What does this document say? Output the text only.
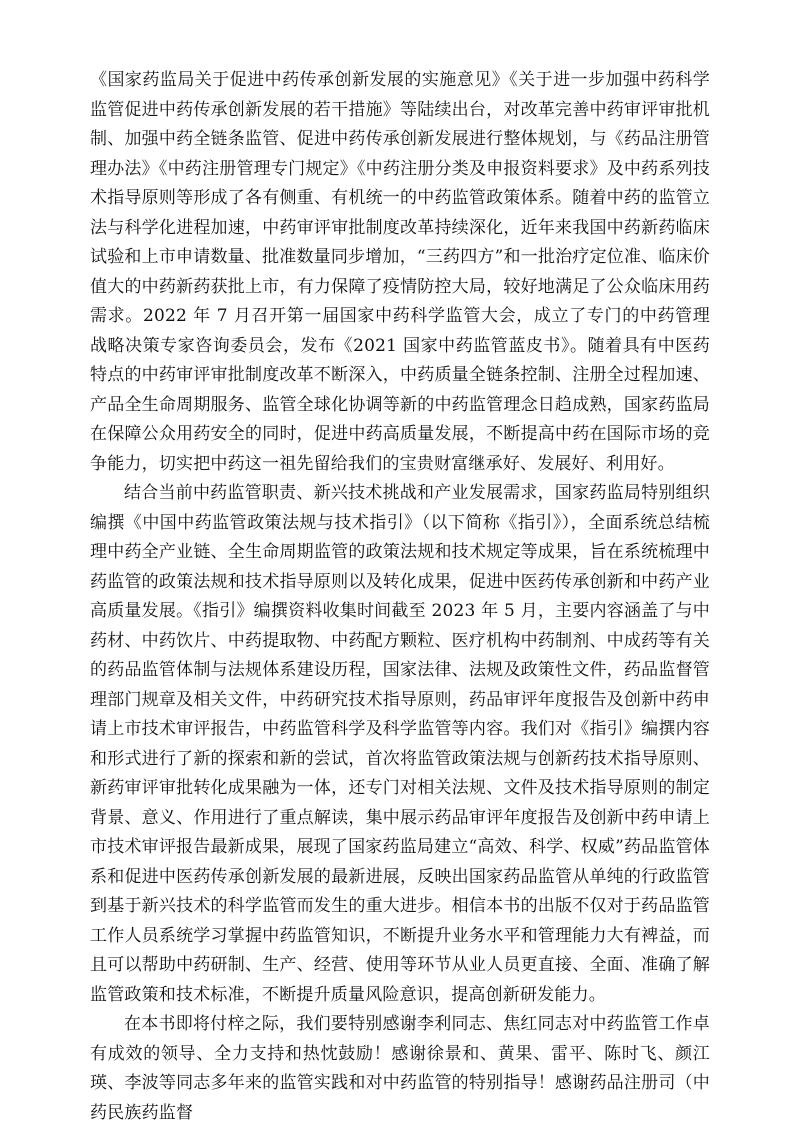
《国家药监局关于促进中药传承创新发展的实施意见》《关于进一步加强中药科学监管促进中药传承创新发展的若干措施》等陆续出台，对改革完善中药审评审批机制、加强中药全链条监管、促进中药传承创新发展进行整体规划，与《药品注册管理办法》《中药注册管理专门规定》《中药注册分类及申报资料要求》及中药系列技术指导原则等形成了各有侧重、有机统一的中药监管政策体系。随着中药的监管立法与科学化进程加速，中药审评审批制度改革持续深化，近年来我国中药新药临床试验和上市申请数量、批准数量同步增加，“三药四方”和一批治疗定位准、临床价值大的中药新药获批上市，有力保障了疫情防控大局，较好地满足了公众临床用药需求。2022 年 7 月召开第一届国家中药科学监管大会，成立了专门的中药管理战略决策专家咨询委员会，发布《2021 国家中药监管蓝皮书》。随着具有中医药特点的中药审评审批制度改革不断深入，中药质量全链条控制、注册全过程加速、产品全生命周期服务、监管全球化协调等新的中药监管理念日趋成熟，国家药监局在保障公众用药安全的同时，促进中药高质量发展，不断提高中药在国际市场的竞争能力，切实把中药这一祖先留给我们的宝贵财富继承好、发展好、利用好。

结合当前中药监管职责、新兴技术挑战和产业发展需求，国家药监局特别组织编撰《中国中药监管政策法规与技术指引》（以下简称《指引》），全面系统总结梳理中药全产业链、全生命周期监管的政策法规和技术规定等成果，旨在系统梳理中药监管的政策法规和技术指导原则以及转化成果，促进中医药传承创新和中药产业高质量发展。《指引》编撰资料收集时间截至 2023 年 5 月，主要内容涵盖了与中药材、中药饮片、中药提取物、中药配方颗粒、医疗机构中药制剂、中成药等有关的药品监管体制与法规体系建设历程，国家法律、法规及政策性文件，药品监督管理部门规章及相关文件，中药研究技术指导原则，药品审评年度报告及创新中药申请上市技术审评报告，中药监管科学及科学监管等内容。我们对《指引》编撰内容和形式进行了新的探索和新的尝试，首次将监管政策法规与创新药技术指导原则、新药审评审批转化成果融为一体，还专门对相关法规、文件及技术指导原则的制定背景、意义、作用进行了重点解读，集中展示药品审评年度报告及创新中药申请上市技术审评报告最新成果，展现了国家药监局建立“高效、科学、权威”药品监管体系和促进中医药传承创新发展的最新进展，反映出国家药品监管从单纯的行政监管到基于新兴技术的科学监管而发生的重大进步。相信本书的出版不仅对于药品监管工作人员系统学习掌握中药监管知识，不断提升业务水平和管理能力大有裨益，而且可以帮助中药研制、生产、经营、使用等环节从业人员更直接、全面、准确了解监管政策和技术标准，不断提升质量风险意识，提高创新研发能力。

在本书即将付梓之际，我们要特别感谢李利同志、焦红同志对中药监管工作卓有成效的领导、全力支持和热忱鼓励！感谢徐景和、黄果、雷平、陈时飞、颜江瑛、李波等同志多年来的监管实践和对中药监管的特别指导！感谢药品注册司（中药民族药监督
